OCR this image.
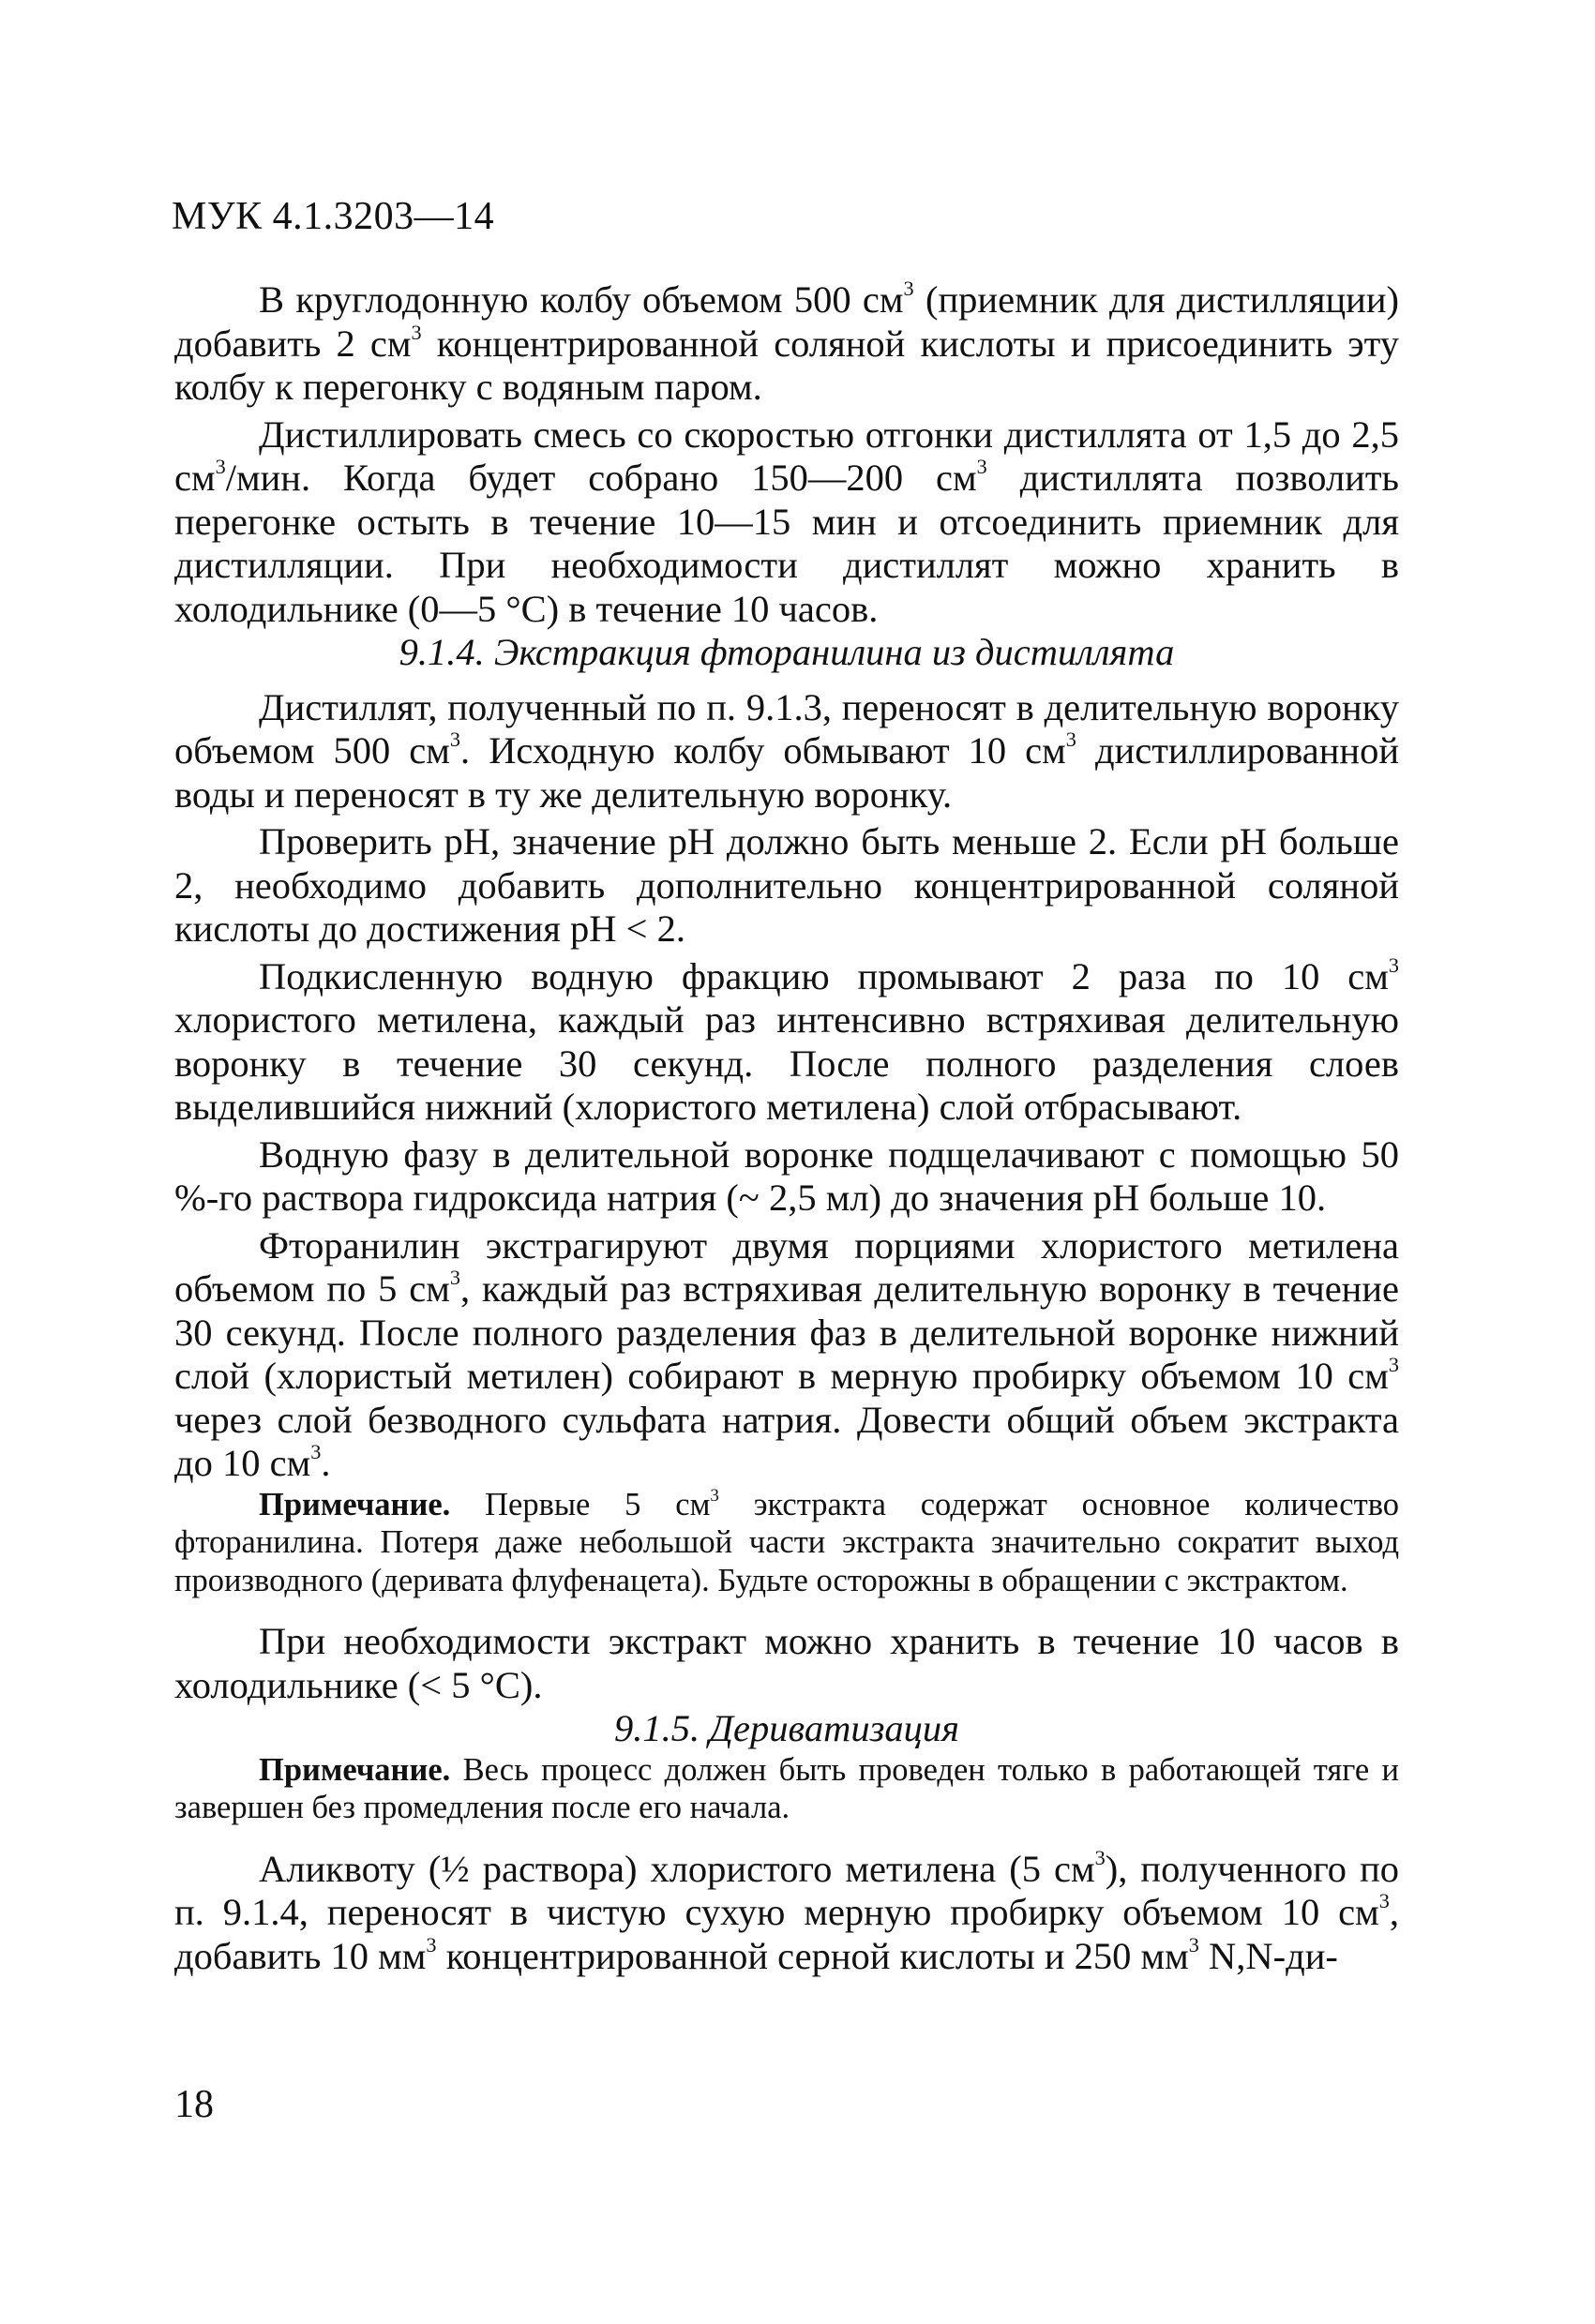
МУК 4.1.3203—14

В круглодонную колбу объемом 500 $см^3$ (приемник для дистилляции) добавить 2 $см^3$ концентрированной соляной кислоты и присоединить эту колбу к перегонку с водяным паром.

Дистиллировать смесь со скоростью отгонки дистиллята от 1,5 до 2,5 $см^3$/мин. Когда будет собрано 150—200 $см^3$ дистиллята позволить перегонке остыть в течение 10—15 мин и отсоединить приемник для дистилляции. При необходимости дистиллят можно хранить в холодильнике (0—5 °C) в течение 10 часов.

9.1.4. Экстракция фторанилина из дистиллята

Дистиллят, полученный по п. 9.1.3, переносят в делительную воронку объемом 500 $см^3$. Исходную колбу обмывают 10 $см^3$ дистиллированной воды и переносят в ту же делительную воронку.

Проверить pH, значение pH должно быть меньше 2. Если pH больше 2, необходимо добавить дополнительно концентрированной соляной кислоты до достижения pH < 2.

Подкисленную водную фракцию промывают 2 раза по 10 $см^3$ хлористого метилена, каждый раз интенсивно встряхивая делительную воронку в течение 30 секунд. После полного разделения слоев выделившийся нижний (хлористого метилена) слой отбрасывают.

Водную фазу в делительной воронке подщелачивают с помощью 50 %-го раствора гидроксида натрия (~ 2,5 мл) до значения pH больше 10.

Фторанилин экстрагируют двумя порциями хлористого метилена объемом по 5 $см^3$, каждый раз встряхивая делительную воронку в течение 30 секунд. После полного разделения фаз в делительной воронке нижний слой (хлористый метилен) собирают в мерную пробирку объемом 10 $см^3$ через слой безводного сульфата натрия. Довести общий объем экстракта до 10 $см^3$.

Примечание. Первые 5 $см^3$ экстракта содержат основное количество фторанилина. Потеря даже небольшой части экстракта значительно сократит выход производного (деривата флуфенацета). Будьте осторожны в обращении с экстрактом.

При необходимости экстракт можно хранить в течение 10 часов в холодильнике (< 5 °C).

9.1.5. Дериватизация

Примечание. Весь процесс должен быть проведен только в работающей тяге и завершен без промедления после его начала.

Аликвоту (½ раствора) хлористого метилена (5 $см^3$), полученного по п. 9.1.4, переносят в чистую сухую мерную пробирку объемом 10 $см^3$, добавить 10 $мм^3$ концентрированной серной кислоты и 250 $мм^3$ N,N-ди-

18
